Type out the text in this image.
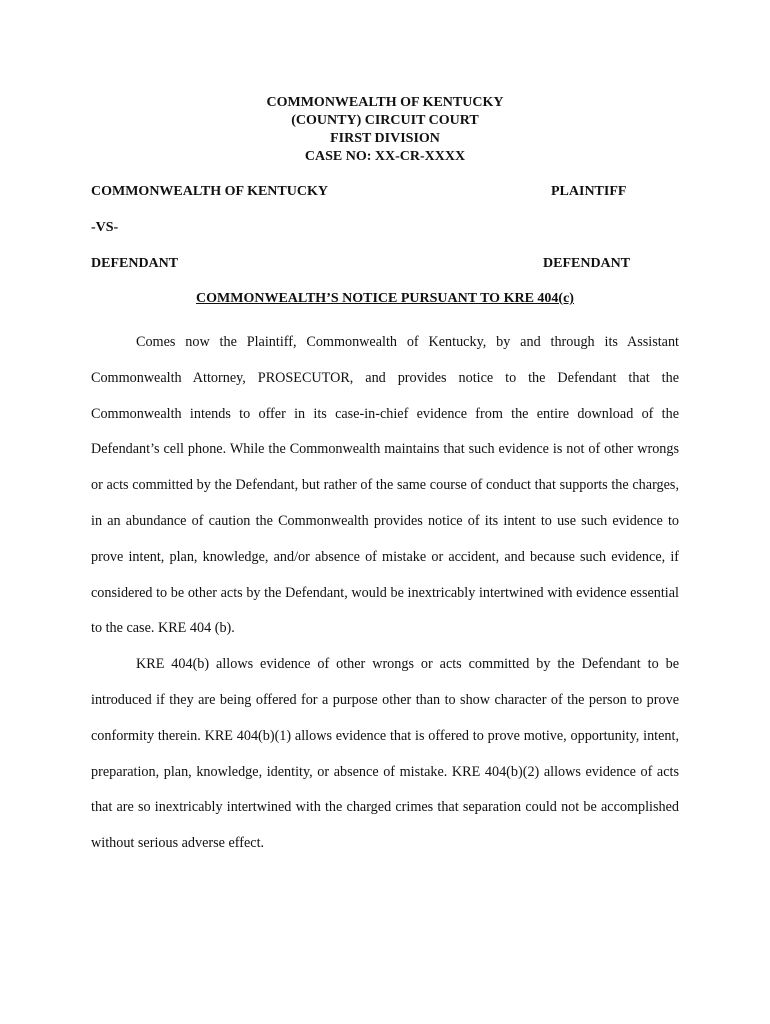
COMMONWEALTH OF KENTUCKY
(COUNTY) CIRCUIT COURT
FIRST DIVISION
CASE NO: XX-CR-XXXX
COMMONWEALTH OF KENTUCKY	PLAINTIFF
-VS-
DEFENDANT	DEFENDANT
COMMONWEALTH’S NOTICE PURSUANT TO KRE 404(c)

Comes now the Plaintiff, Commonwealth of Kentucky, by and through its Assistant Commonwealth Attorney, PROSECUTOR, and provides notice to the Defendant that the Commonwealth intends to offer in its case-in-chief evidence from the entire download of the Defendant’s cell phone. While the Commonwealth maintains that such evidence is not of other wrongs or acts committed by the Defendant, but rather of the same course of conduct that supports the charges, in an abundance of caution the Commonwealth provides notice of its intent to use such evidence to prove intent, plan, knowledge, and/or absence of mistake or accident, and because such evidence, if considered to be other acts by the Defendant, would be inextricably intertwined with evidence essential to the case. KRE 404 (b).

KRE 404(b) allows evidence of other wrongs or acts committed by the Defendant to be introduced if they are being offered for a purpose other than to show character of the person to prove conformity therein. KRE 404(b)(1) allows evidence that is offered to prove motive, opportunity, intent, preparation, plan, knowledge, identity, or absence of mistake. KRE 404(b)(2) allows evidence of acts that are so inextricably intertwined with the charged crimes that separation could not be accomplished without serious adverse effect.
